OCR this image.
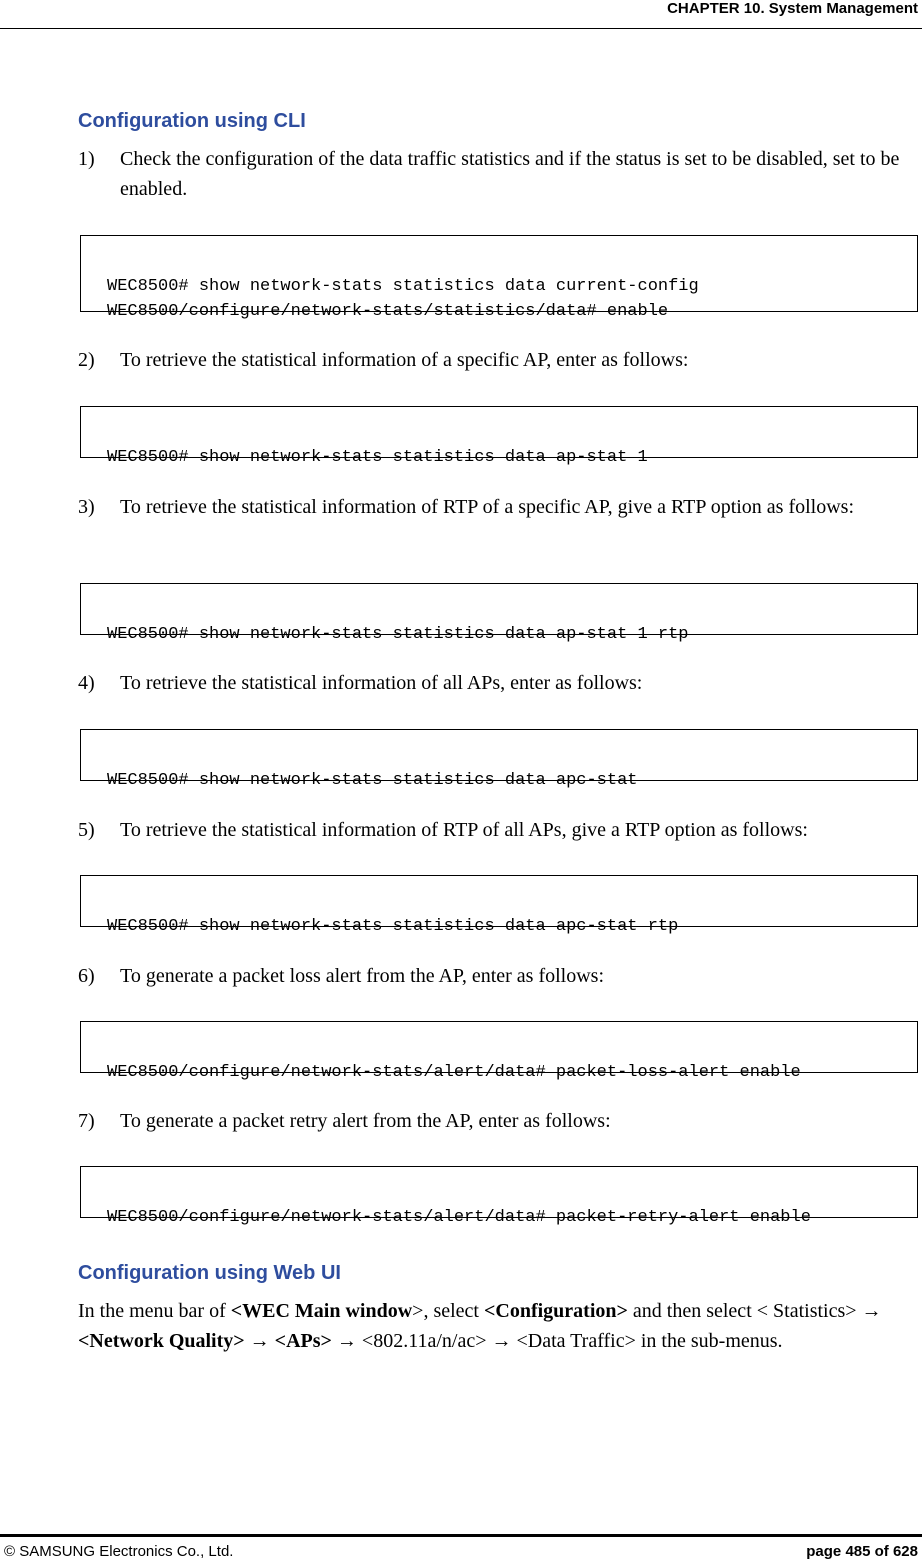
CHAPTER 10. System Management
Configuration using CLI
1) Check the configuration of the data traffic statistics and if the status is set to be disabled, set to be enabled.

WEC8500# show network-stats statistics data current-config
WEC8500/configure/network-stats/statistics/data# enable
2) To retrieve the statistical information of a specific AP, enter as follows:

WEC8500# show network-stats statistics data ap-stat 1
3) To retrieve the statistical information of RTP of a specific AP, give a RTP option as follows:

WEC8500# show network-stats statistics data ap-stat 1 rtp
4) To retrieve the statistical information of all APs, enter as follows:

WEC8500# show network-stats statistics data apc-stat
5) To retrieve the statistical information of RTP of all APs, give a RTP option as follows:

WEC8500# show network-stats statistics data apc-stat rtp
6) To generate a packet loss alert from the AP, enter as follows:

WEC8500/configure/network-stats/alert/data# packet-loss-alert enable
7) To generate a packet retry alert from the AP, enter as follows:

WEC8500/configure/network-stats/alert/data# packet-retry-alert enable
Configuration using Web UI
In the menu bar of <WEC Main window>, select <Configuration> and then select < Statistics> → <Network Quality> → <APs> → <802.11a/n/ac> → <Data Traffic> in the sub-menus.
© SAMSUNG Electronics Co., Ltd.	page 485 of 628
